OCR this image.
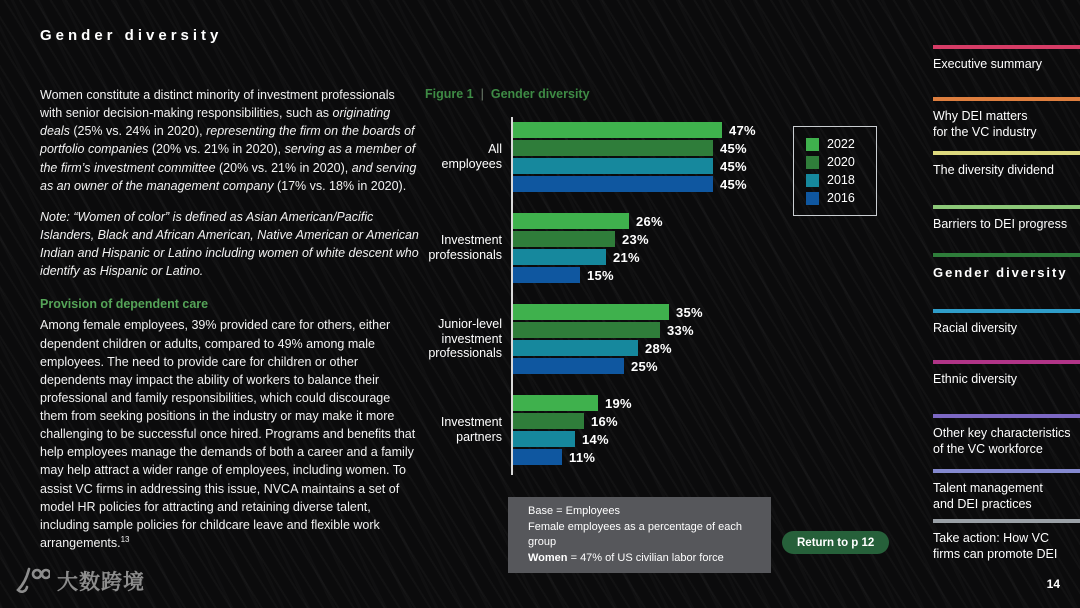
Gender diversity

Women constitute a distinct minority of investment professionals with senior decision-making responsibilities, such as originating deals (25% vs. 24% in 2020), representing the firm on the boards of portfolio companies (20% vs. 21% in 2020), serving as a member of the firm’s investment committee (20% vs. 21% in 2020), and serving as an owner of the management company (17% vs. 18% in 2020).

Note: “Women of color” is defined as Asian American/Pacific Islanders, Black and African American, Native American or American Indian and Hispanic or Latino including women of white descent who identify as Hispanic or Latino.

Provision of dependent care

Among female employees, 39% provided care for others, either dependent children or adults, compared to 49% among male employees. The need to provide care for children or other dependents may impact the ability of workers to balance their professional and family responsibilities, which could discourage them from seeking positions in the industry or may make it more challenging to be successful once hired. Programs and benefits that help employees manage the demands of both a career and a family may help attract a wider range of employees, including women. To assist VC firms in addressing this issue, NVCA maintains a set of model HR policies for attracting and retaining diverse talent, including sample policies for childcare leave and flexible work arrangements.$^{13}$

Figure 1 | Gender diversity
All
employees
47%
45%
45%
45%
Investment
professionals
26%
23%
21%
15%
Junior-level
investment
professionals
35%
33%
28%
25%
Investment
partners
19%
16%
14%
11%
2022
2020
2018
2016
Base = Employees
Female employees as a percentage of each group
Women = 47% of US civilian labor force
Return to p 12
Executive summary
Why DEI matters
for the VC industry
The diversity dividend
Barriers to DEI progress
Gender diversity
Racial diversity
Ethnic diversity
Other key characteristics
of the VC workforce
Talent management
and DEI practices
Take action: How VC
firms can promote DEI
大数跨境	14
